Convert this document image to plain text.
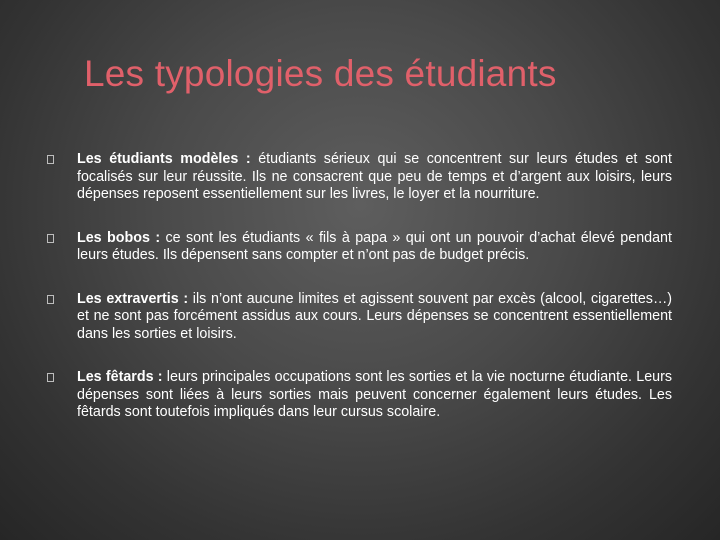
Les typologies des étudiants
Les étudiants modèles : étudiants sérieux qui se concentrent sur leurs études et sont focalisés sur leur réussite. Ils ne consacrent que peu de temps et d’argent aux loisirs, leurs dépenses reposent essentiellement sur les livres, le loyer et la nourriture.
Les bobos : ce sont les étudiants « fils à papa » qui ont un pouvoir d’achat élevé pendant leurs études. Ils dépensent sans compter et n’ont pas de budget précis.
Les extravertis : ils n’ont aucune limites et agissent souvent par excès (alcool, cigarettes…) et ne sont pas forcément assidus aux cours. Leurs dépenses se concentrent essentiellement dans les sorties et loisirs.
Les fêtards : leurs principales occupations sont les sorties et la vie nocturne étudiante. Leurs dépenses sont liées à leurs sorties mais peuvent concerner également leurs études. Les fêtards sont toutefois impliqués dans leur cursus scolaire.
